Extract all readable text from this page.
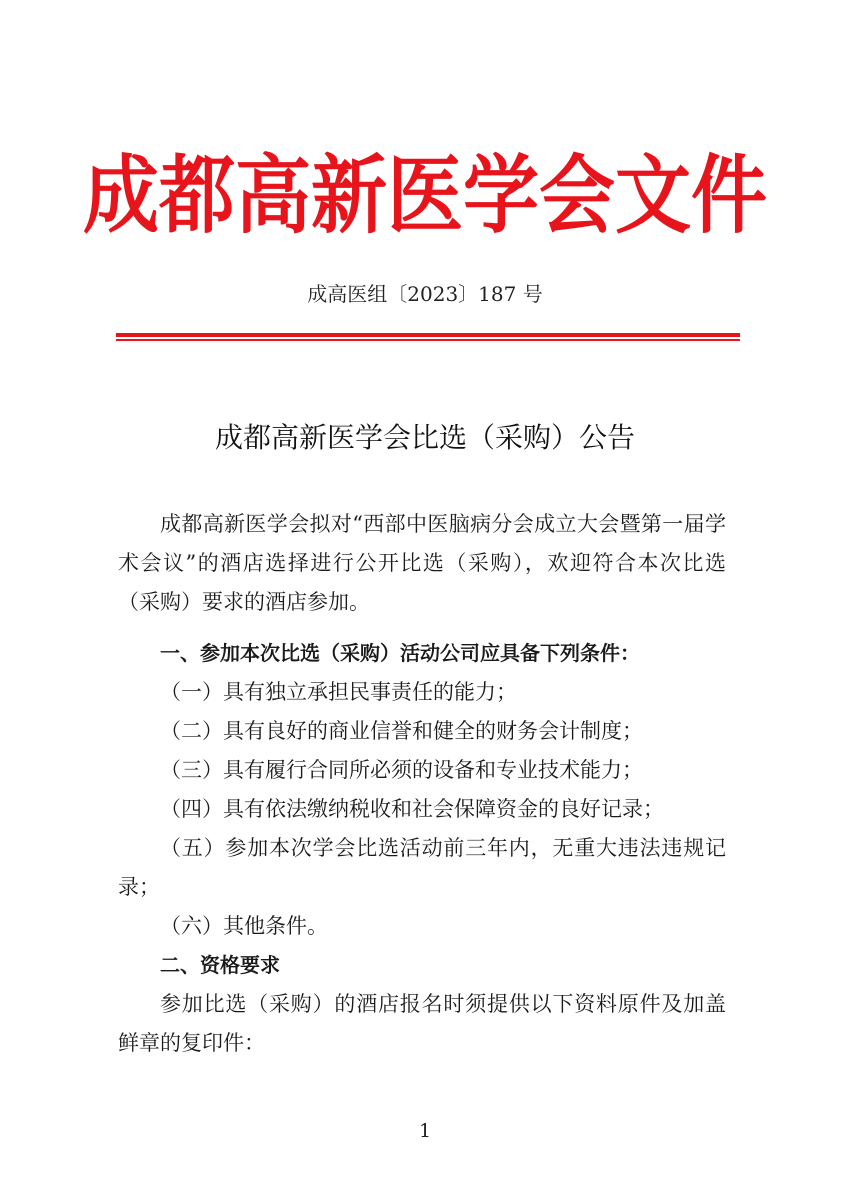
成都高新医学会文件
成高医组〔2023〕187 号
成都高新医学会比选（采购）公告

成都高新医学会拟对“西部中医脑病分会成立大会暨第一届学术会议”的酒店选择进行公开比选（采购），欢迎符合本次比选（采购）要求的酒店参加。

一、参加本次比选（采购）活动公司应具备下列条件：

（一）具有独立承担民事责任的能力；

（二）具有良好的商业信誉和健全的财务会计制度；

（三）具有履行合同所必须的设备和专业技术能力；

（四）具有依法缴纳税收和社会保障资金的良好记录；

（五）参加本次学会比选活动前三年内，无重大违法违规记录；

（六）其他条件。

二、资格要求

参加比选（采购）的酒店报名时须提供以下资料原件及加盖鲜章的复印件：

1
